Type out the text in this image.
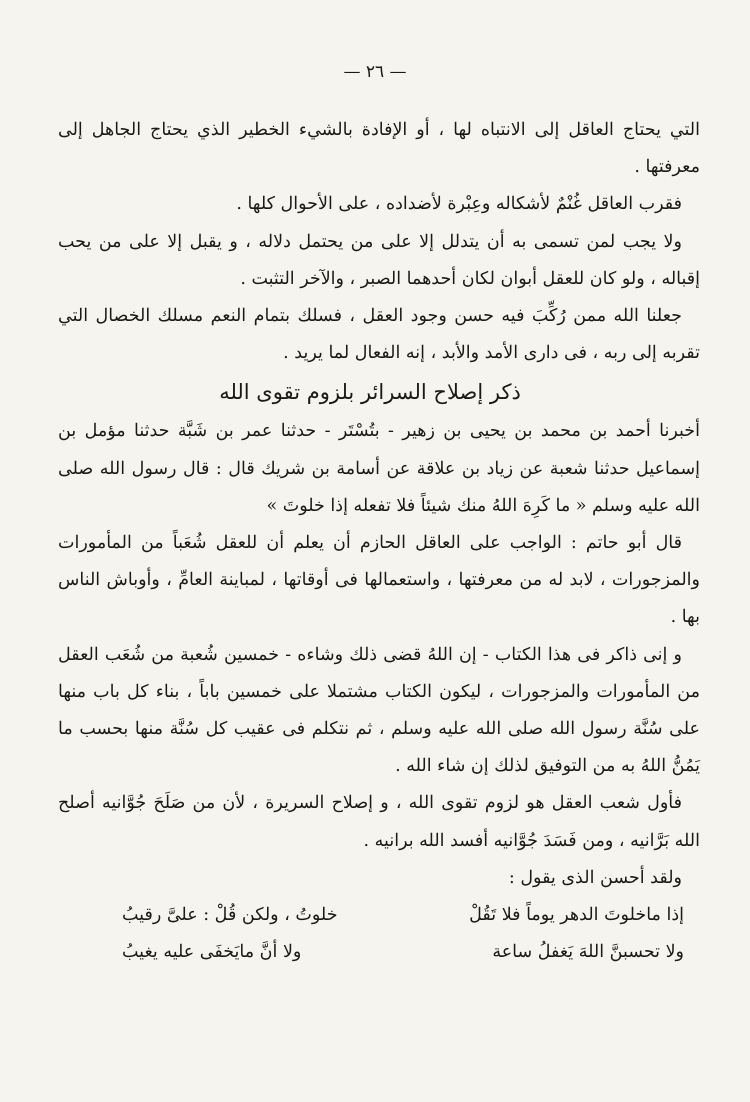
— ٢٦ —

التي يحتاج العاقل إلى الانتباه لها ، أو الإفادة بالشيء الخطير الذي يحتاج الجاهل إلى معرفتها .

فقرب العاقل غُنْمٌ لأشكاله وعِبْرة لأضداده ، على الأحوال كلها .

ولا يجب لمن تسمى به أن يتدلل إلا على من يحتمل دلاله ، و يقبل إلا على من يحب إقباله ، ولو كان للعقل أبوان لكان أحدهما الصبر ، والآخر التثبت .

جعلنا الله ممن رُكِّبَ فيه حسن وجود العقل ، فسلك بتمام النعم مسلك الخصال التي تقربه إلى ربه ، فى دارى الأمد والأبد ، إنه الفعال لما يريد .

ذكر إصلاح السرائر بلزوم تقوى الله

أخبرنا أحمد بن محمد بن يحيى بن زهير - بتُسْتَر - حدثنا عمر بن شَبَّة حدثنا مؤمل بن إسماعيل حدثنا شعبة عن زياد بن علاقة عن أسامة بن شريك قال : قال رسول الله صلى الله عليه وسلم « ما كَرِهَ اللهُ منك شيئاً فلا تفعله إذا خلوتَ »

قال أبو حاتم : الواجب على العاقل الحازم أن يعلم أن للعقل شُعَباً من المأمورات والمزجورات ، لابد له من معرفتها ، واستعمالها فى أوقاتها ، لمباينة العامِّ ، وأوباش الناس بها .

و إنى ذاكر فى هذا الكتاب - إن اللهُ قضى ذلك وشاءه - خمسين شُعبة من شُعَب العقل من المأمورات والمزجورات ، ليكون الكتاب مشتملا على خمسين باباً ، بناء كل باب منها على سُنَّة رسول الله صلى الله عليه وسلم ، ثم نتكلم فى عقيب كل سُنَّة منها بحسب ما يَمُنُّ اللهُ به من التوفيق لذلك إن شاء الله .

فأول شعب العقل هو لزوم تقوى الله ، و إصلاح السريرة ، لأن من صَلَحَ جُوَّانيه أصلح الله بَرَّانيه ، ومن فَسَدَ جُوَّانيه أفسد الله برانيه .

ولقد أحسن الذى يقول :

إذا ماخلوتَ الدهر يوماً فلا تَقُلْ
خلوتُ ، ولكن قُلْ : علىَّ رقيبُ
ولا تحسبنَّ اللهَ يَغفلُ ساعة
ولا أنَّ مايَخفَى عليه يغيبُ
